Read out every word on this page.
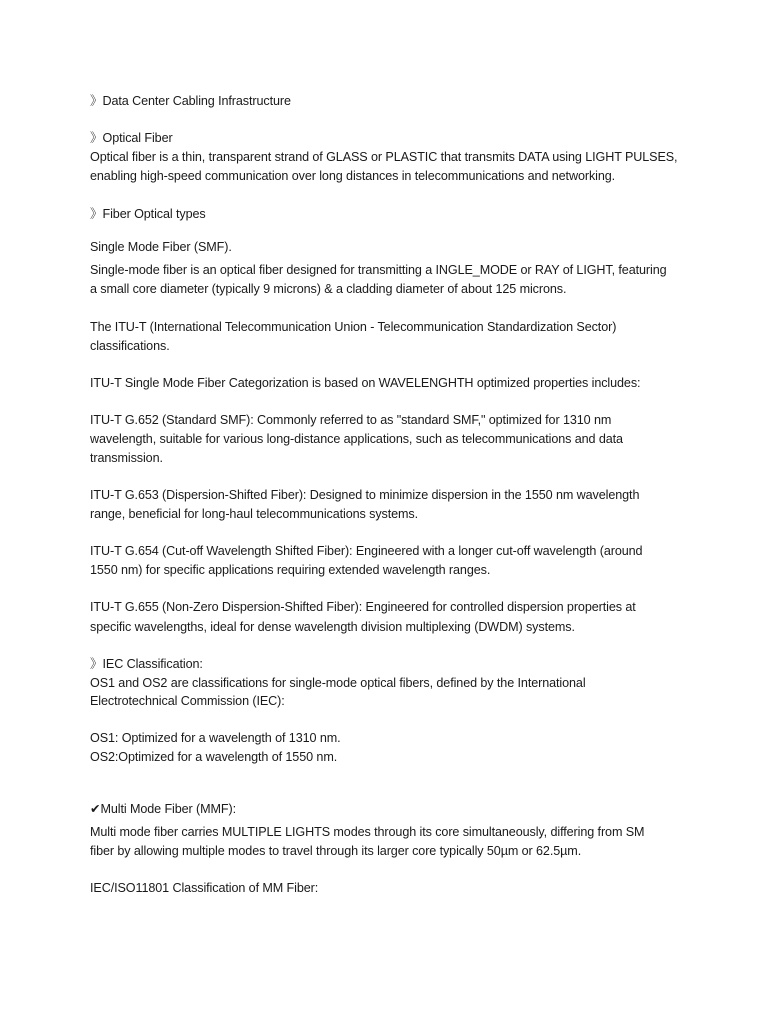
》Data Center Cabling Infrastructure
》Optical Fiber
Optical fiber is a thin, transparent strand of GLASS or PLASTIC that transmits DATA using LIGHT PULSES,
enabling high-speed communication over long distances in telecommunications and networking.
》Fiber Optical types
Single Mode Fiber (SMF).
Single-mode fiber is an optical fiber designed for transmitting a INGLE_MODE or RAY of LIGHT, featuring
a small core diameter (typically 9 microns) & a cladding diameter of about 125 microns.
The ITU-T (International Telecommunication Union - Telecommunication Standardization Sector)
classifications.
ITU-T Single Mode Fiber Categorization is based on WAVELENGHTH optimized properties includes:
ITU-T G.652 (Standard SMF): Commonly referred to as "standard SMF," optimized for 1310 nm
wavelength, suitable for various long-distance applications, such as telecommunications and data
transmission.
ITU-T G.653 (Dispersion-Shifted Fiber): Designed to minimize dispersion in the 1550 nm wavelength
range, beneficial for long-haul telecommunications systems.
ITU-T G.654 (Cut-off Wavelength Shifted Fiber): Engineered with a longer cut-off wavelength (around
1550 nm) for specific applications requiring extended wavelength ranges.
ITU-T G.655 (Non-Zero Dispersion-Shifted Fiber): Engineered for controlled dispersion properties at
specific wavelengths, ideal for dense wavelength division multiplexing (DWDM) systems.
》IEC Classification:
OS1 and OS2 are classifications for single-mode optical fibers, defined by the International
Electrotechnical Commission (IEC):
OS1: Optimized for a wavelength of 1310 nm.
OS2:Optimized for a wavelength of 1550 nm.
✔Multi Mode Fiber (MMF):
Multi mode fiber carries MULTIPLE LIGHTS modes through its core simultaneously, differing from SM
fiber by allowing multiple modes to travel through its larger core typically 50µm or 62.5µm.
IEC/ISO11801 Classification of MM Fiber:
